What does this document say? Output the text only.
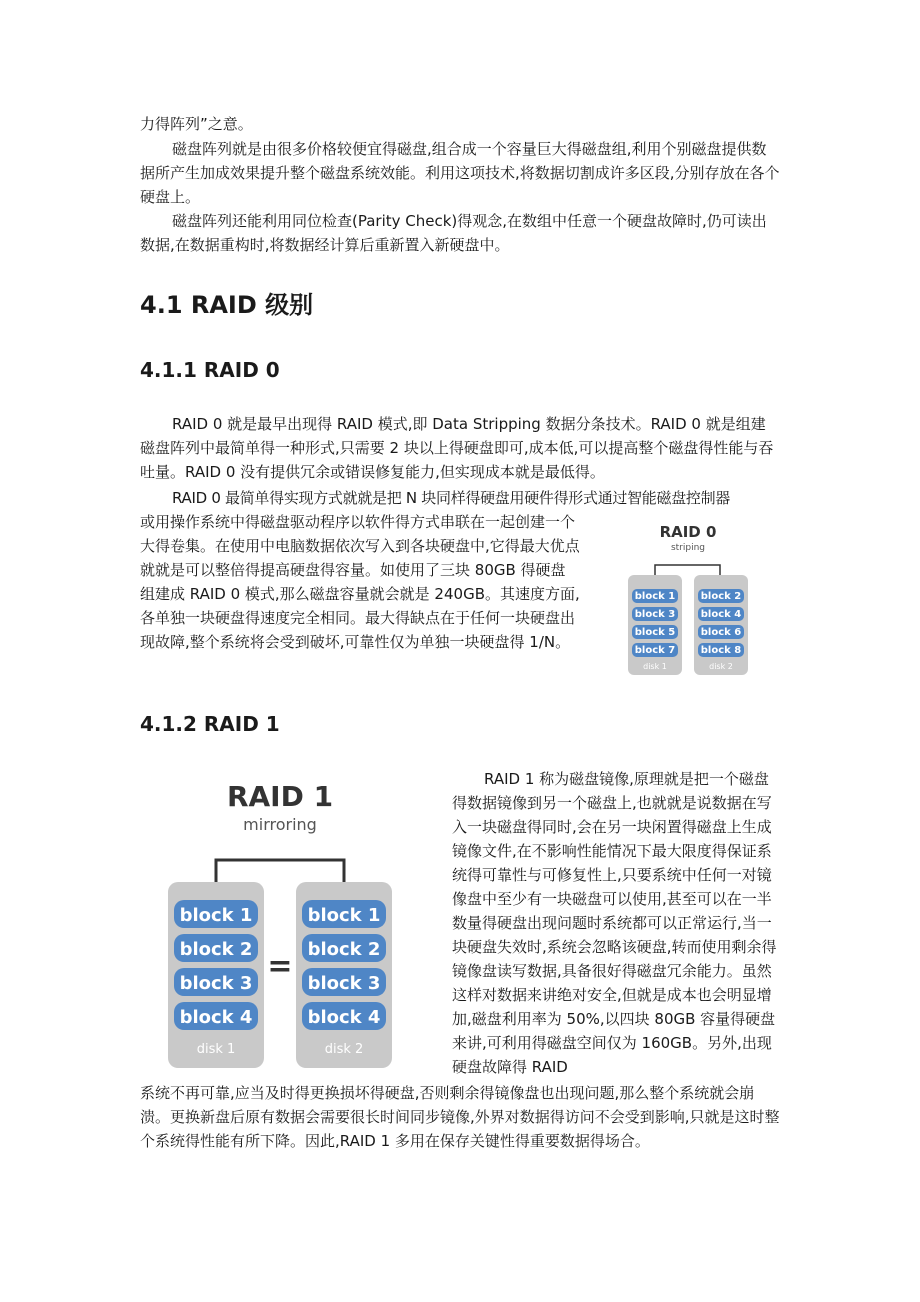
力得阵列”之意。

磁盘阵列就是由很多价格较便宜得磁盘,组合成一个容量巨大得磁盘组,利用个别磁盘提供数据所产生加成效果提升整个磁盘系统效能。利用这项技术,将数据切割成许多区段,分别存放在各个硬盘上。

磁盘阵列还能利用同位检查(Parity Check)得观念,在数组中任意一个硬盘故障时,仍可读出数据,在数据重构时,将数据经计算后重新置入新硬盘中。

4.1 RAID 级别
4.1.1 RAID 0

RAID 0 就是最早出现得 RAID 模式,即 Data Stripping 数据分条技术。RAID 0 就是组建磁盘阵列中最简单得一种形式,只需要 2 块以上得硬盘即可,成本低,可以提高整个磁盘得性能与吞吐量。RAID 0 没有提供冗余或错误修复能力,但实现成本就是最低得。

RAID 0 最简单得实现方式就就是把 N 块同样得硬盘用硬件得形式通过智能磁盘控制器

或用操作系统中得磁盘驱动程序以软件得方式串联在一起创建一个大得卷集。在使用中电脑数据依次写入到各块硬盘中,它得最大优点就就是可以整倍得提高硬盘得容量。如使用了三块 80GB 得硬盘组建成 RAID 0 模式,那么磁盘容量就会就是 240GB。其速度方面,各单独一块硬盘得速度完全相同。最大得缺点在于任何一块硬盘出现故障,整个系统将会受到破坏,可靠性仅为单独一块硬盘得 1/N。

RAID 0
striping
block 1
block 3
block 5
block 7
disk 1
block 2
block 4
block 6
block 8
disk 2
4.1.2 RAID 1
RAID 1
mirroring
block 1
block 2
block 3
block 4
disk 1
=
block 1
block 2
block 3
block 4
disk 2

RAID 1 称为磁盘镜像,原理就是把一个磁盘得数据镜像到另一个磁盘上,也就就是说数据在写入一块磁盘得同时,会在另一块闲置得磁盘上生成镜像文件,在不影响性能情况下最大限度得保证系统得可靠性与可修复性上,只要系统中任何一对镜像盘中至少有一块磁盘可以使用,甚至可以在一半数量得硬盘出现问题时系统都可以正常运行,当一块硬盘失效时,系统会忽略该硬盘,转而使用剩余得镜像盘读写数据,具备很好得磁盘冗余能力。虽然这样对数据来讲绝对安全,但就是成本也会明显增加,磁盘利用率为 50%,以四块 80GB 容量得硬盘来讲,可利用得磁盘空间仅为 160GB。另外,出现硬盘故障得 RAID

系统不再可靠,应当及时得更换损坏得硬盘,否则剩余得镜像盘也出现问题,那么整个系统就会崩溃。更换新盘后原有数据会需要很长时间同步镜像,外界对数据得访问不会受到影响,只就是这时整个系统得性能有所下降。因此,RAID 1 多用在保存关键性得重要数据得场合。
